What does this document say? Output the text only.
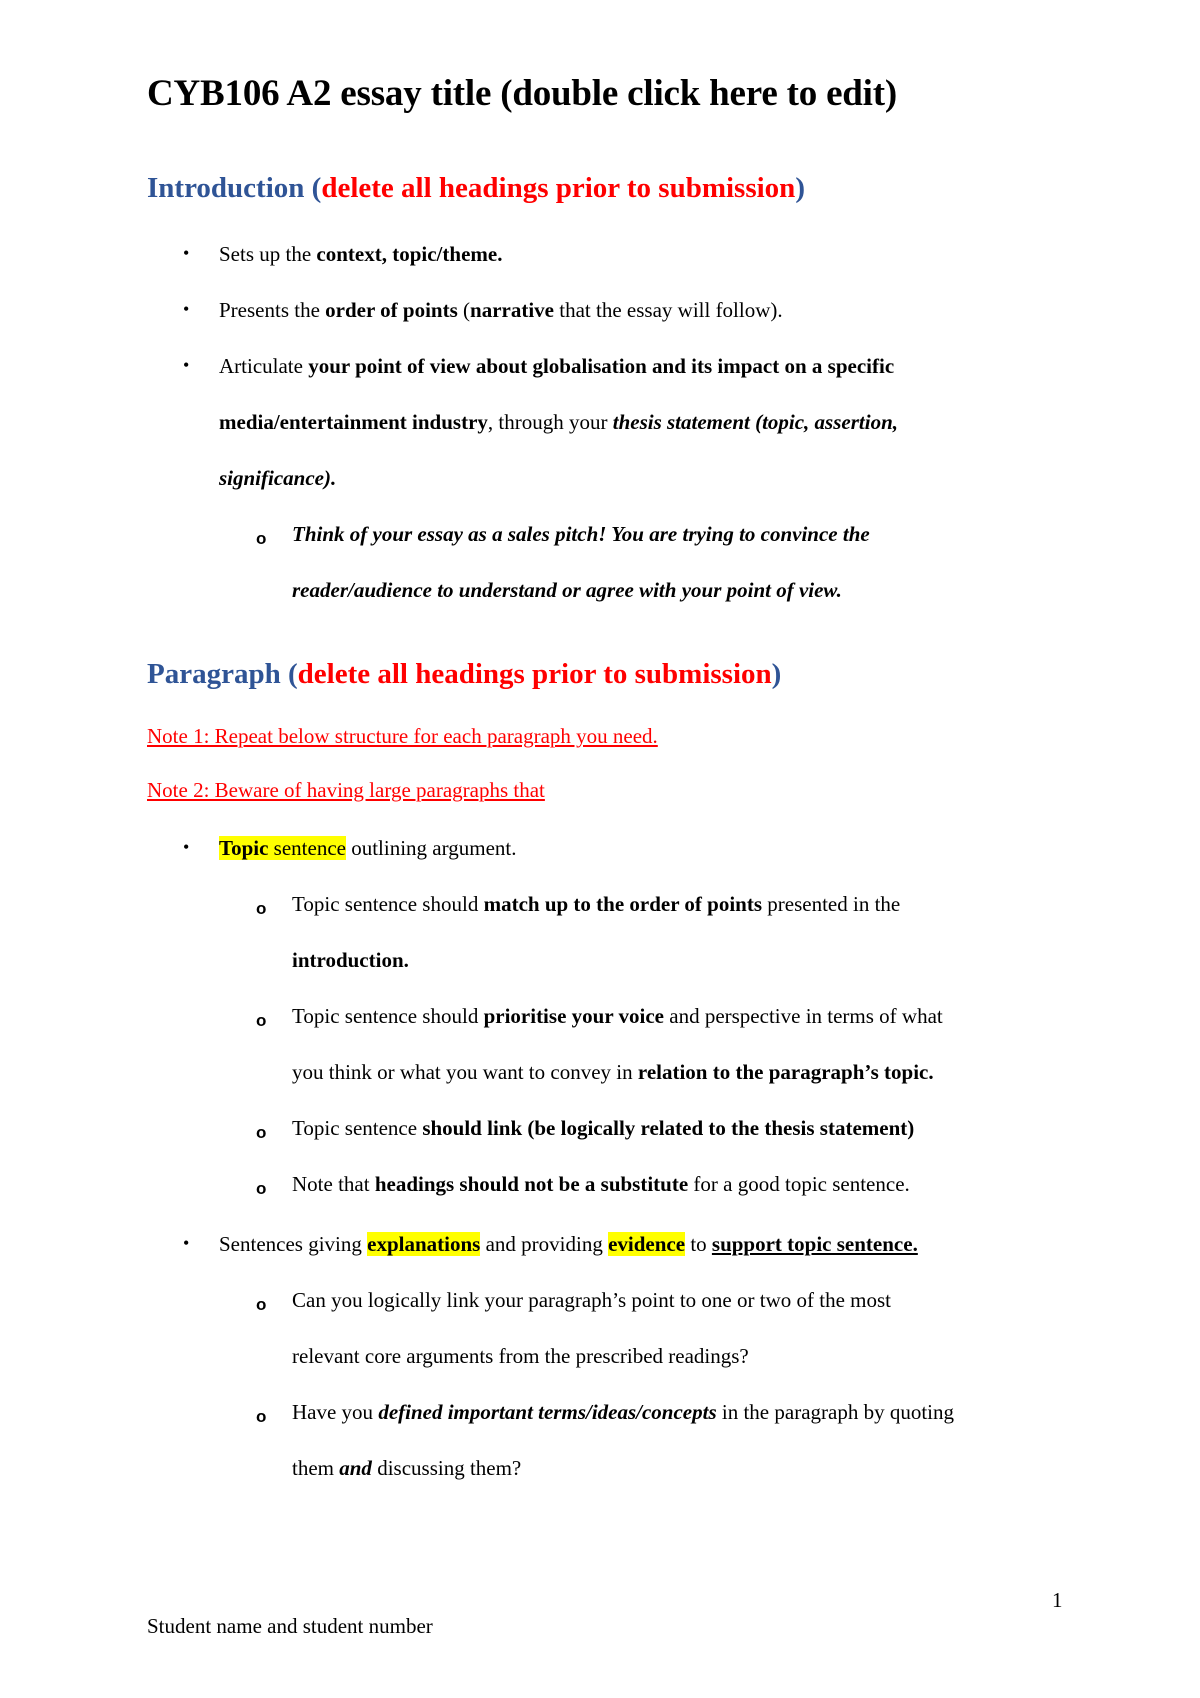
CYB106 A2 essay title (double click here to edit)
Introduction (delete all headings prior to submission)
• Sets up the context, topic/theme.
• Presents the order of points (narrative that the essay will follow).
• Articulate your point of view about globalisation and its impact on a specific
media/entertainment industry, through your thesis statement (topic, assertion,
significance).
o Think of your essay as a sales pitch! You are trying to convince the
reader/audience to understand or agree with your point of view.
Paragraph (delete all headings prior to submission)
Note 1: Repeat below structure for each paragraph you need.
Note 2: Beware of having large paragraphs that
• Topic sentence outlining argument.
o Topic sentence should match up to the order of points presented in the
introduction.
o Topic sentence should prioritise your voice and perspective in terms of what
you think or what you want to convey in relation to the paragraph’s topic.
o Topic sentence should link (be logically related to the thesis statement)
o Note that headings should not be a substitute for a good topic sentence.
• Sentences giving explanations and providing evidence to support topic sentence.
o Can you logically link your paragraph’s point to one or two of the most
relevant core arguments from the prescribed readings?
o Have you defined important terms/ideas/concepts in the paragraph by quoting
them and discussing them?
1
Student name and student number
